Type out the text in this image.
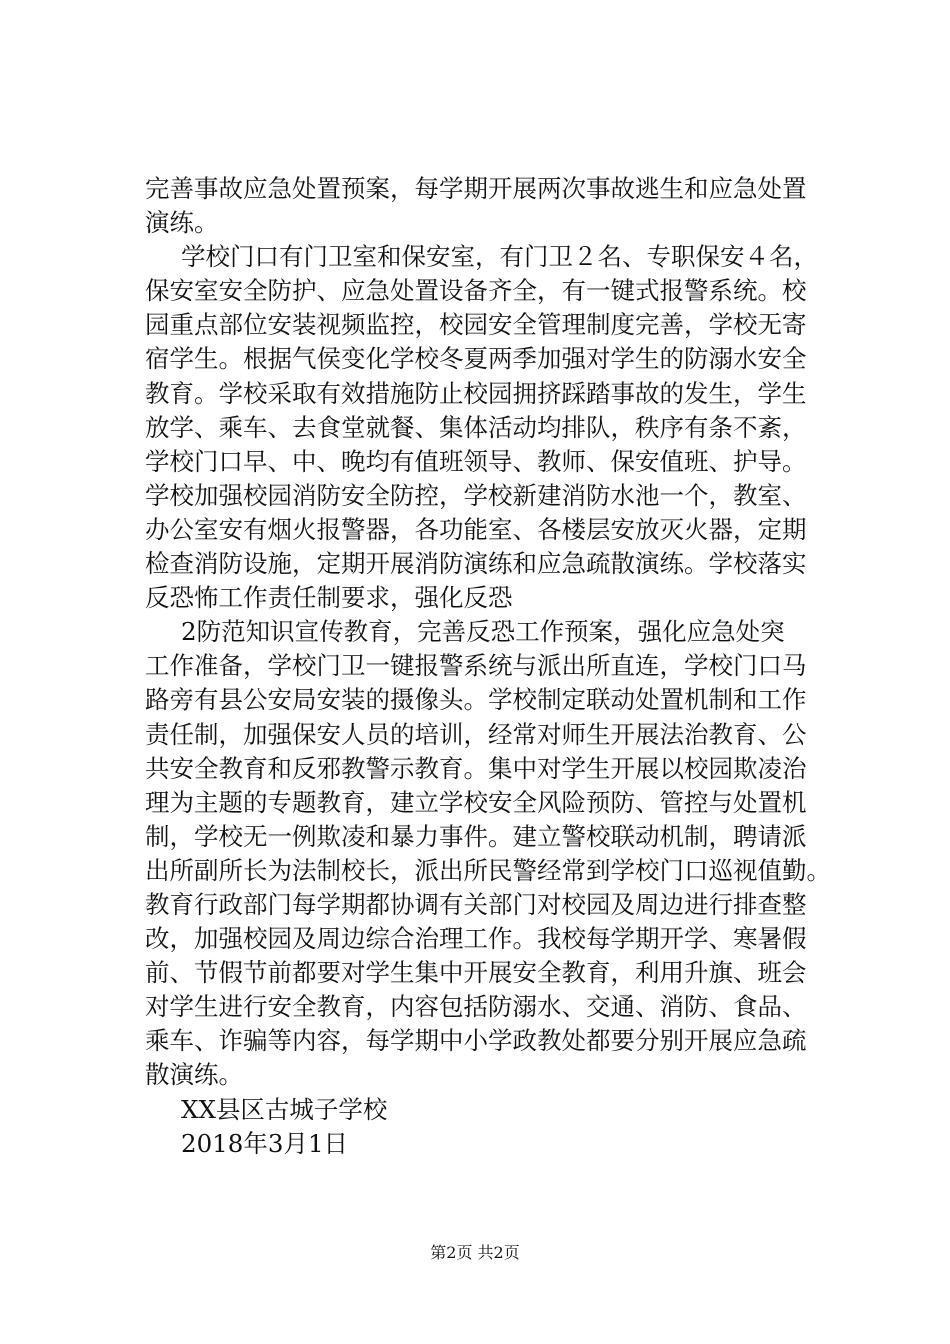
完善事故应急处置预案，每学期开展两次事故逃生和应急处置
演练。
学校门口有门卫室和保安室，有门卫２名、专职保安４名，
保安室安全防护、应急处置设备齐全，有一键式报警系统。校
园重点部位安装视频监控，校园安全管理制度完善，学校无寄
宿学生。根据气侯变化学校冬夏两季加强对学生的防溺水安全
教育。学校采取有效措施防止校园拥挤踩踏事故的发生，学生
放学、乘车、去食堂就餐、集体活动均排队，秩序有条不紊，
学校门口早、中、晚均有值班领导、教师、保安值班、护导。
学校加强校园消防安全防控，学校新建消防水池一个，教室、
办公室安有烟火报警器，各功能室、各楼层安放灭火器，定期
检查消防设施，定期开展消防演练和应急疏散演练。学校落实
反恐怖工作责任制要求，强化反恐
2防范知识宣传教育，完善反恐工作预案，强化应急处突
工作准备，学校门卫一键报警系统与派出所直连，学校门口马
路旁有县公安局安装的摄像头。学校制定联动处置机制和工作
责任制，加强保安人员的培训，经常对师生开展法治教育、公
共安全教育和反邪教警示教育。集中对学生开展以校园欺凌治
理为主题的专题教育，建立学校安全风险预防、管控与处置机
制，学校无一例欺凌和暴力事件。建立警校联动机制，聘请派
出所副所长为法制校长，派出所民警经常到学校门口巡视值勤。
教育行政部门每学期都协调有关部门对校园及周边进行排查整
改，加强校园及周边综合治理工作。我校每学期开学、寒暑假
前、节假节前都要对学生集中开展安全教育，利用升旗、班会
对学生进行安全教育，内容包括防溺水、交通、消防、食品、
乘车、诈骗等内容，每学期中小学政教处都要分别开展应急疏
散演练。
XX县区古城子学校
2018年3月1日
第2页 共2页
